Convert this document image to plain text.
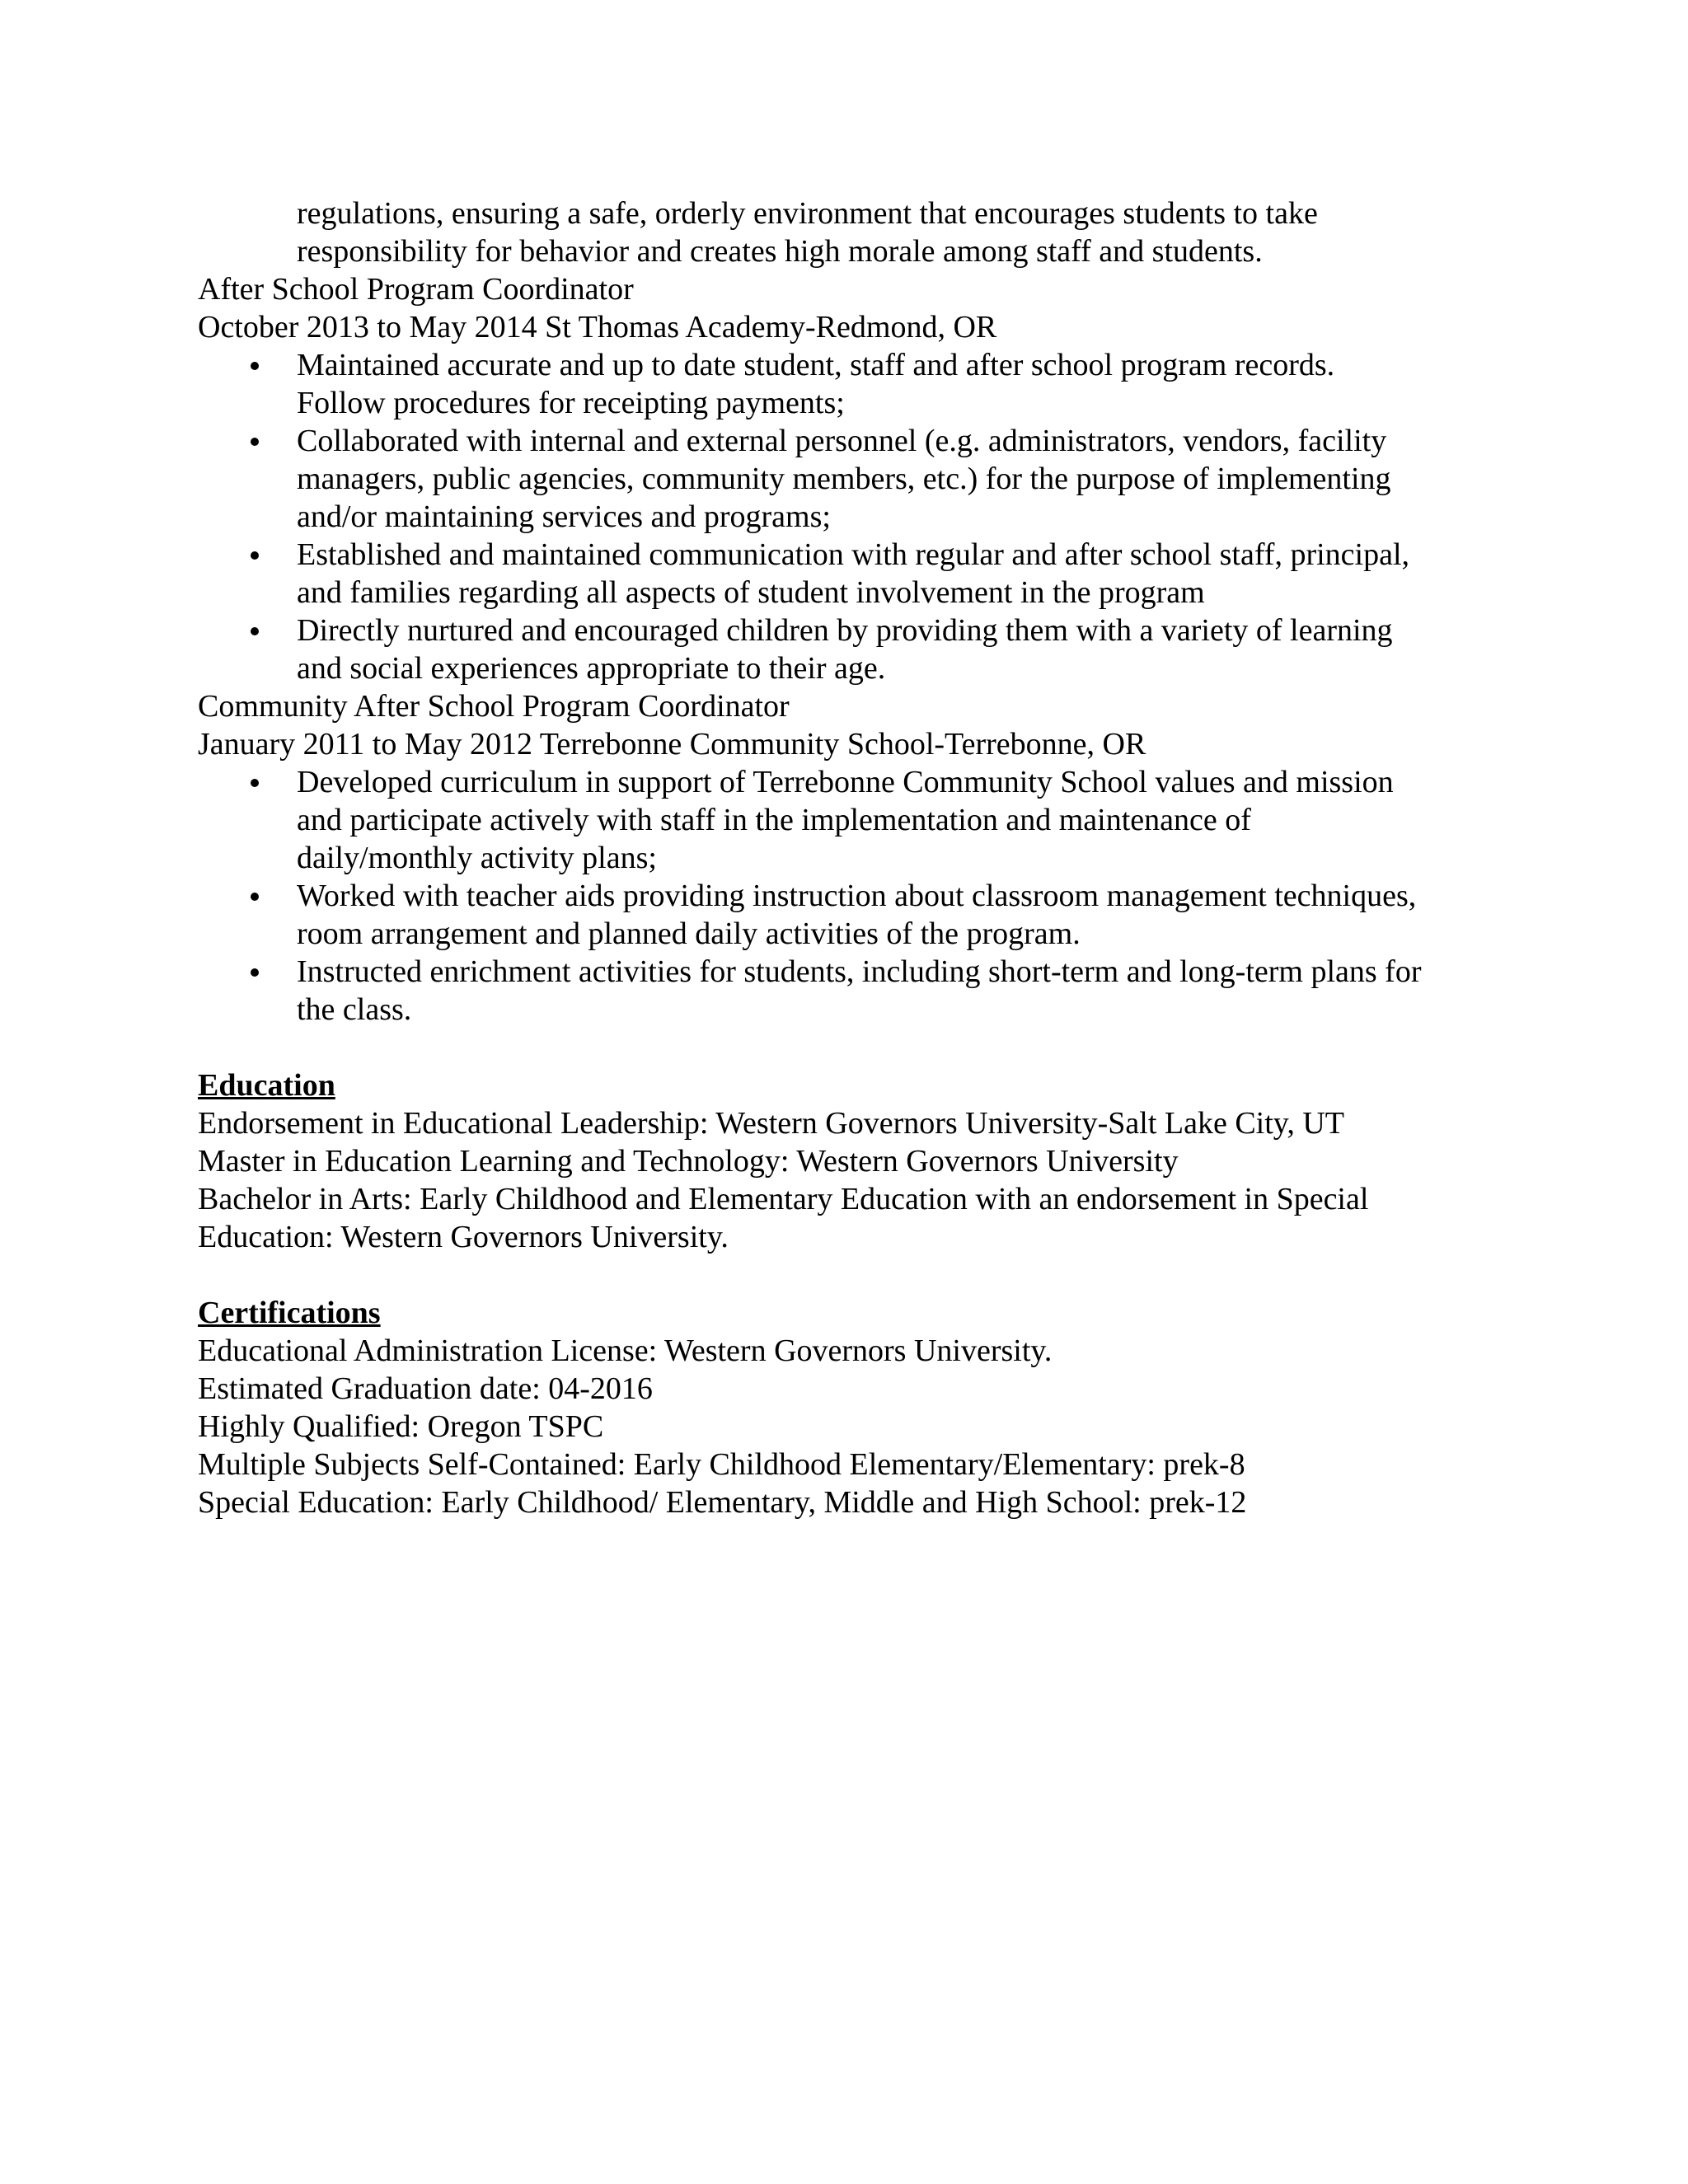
regulations, ensuring a safe, orderly environment that encourages students to take
responsibility for behavior and creates high morale among staff and students.
After School Program Coordinator
October 2013 to May 2014 St Thomas Academy-Redmond, OR
Maintained accurate and up to date student, staff and after school program records.
Follow procedures for receipting payments;
Collaborated with internal and external personnel (e.g. administrators, vendors, facility
managers, public agencies, community members, etc.) for the purpose of implementing
and/or maintaining services and programs;
Established and maintained communication with regular and after school staff, principal,
and families regarding all aspects of student involvement in the program
Directly nurtured and encouraged children by providing them with a variety of learning
and social experiences appropriate to their age.
Community After School Program Coordinator
January 2011 to May 2012 Terrebonne Community School-Terrebonne, OR
Developed curriculum in support of Terrebonne Community School values and mission
and participate actively with staff in the implementation and maintenance of
daily/monthly activity plans;
Worked with teacher aids providing instruction about classroom management techniques,
room arrangement and planned daily activities of the program.
Instructed enrichment activities for students, including short-term and long-term plans for
the class.
Education
Endorsement in Educational Leadership: Western Governors University-Salt Lake City, UT
Master in Education Learning and Technology: Western Governors University
Bachelor in Arts: Early Childhood and Elementary Education with an endorsement in Special
Education: Western Governors University.
Certifications
Educational Administration License: Western Governors University.
Estimated Graduation date: 04-2016
Highly Qualified: Oregon TSPC
Multiple Subjects Self-Contained: Early Childhood Elementary/Elementary: prek-8
Special Education: Early Childhood/ Elementary, Middle and High School: prek-12
